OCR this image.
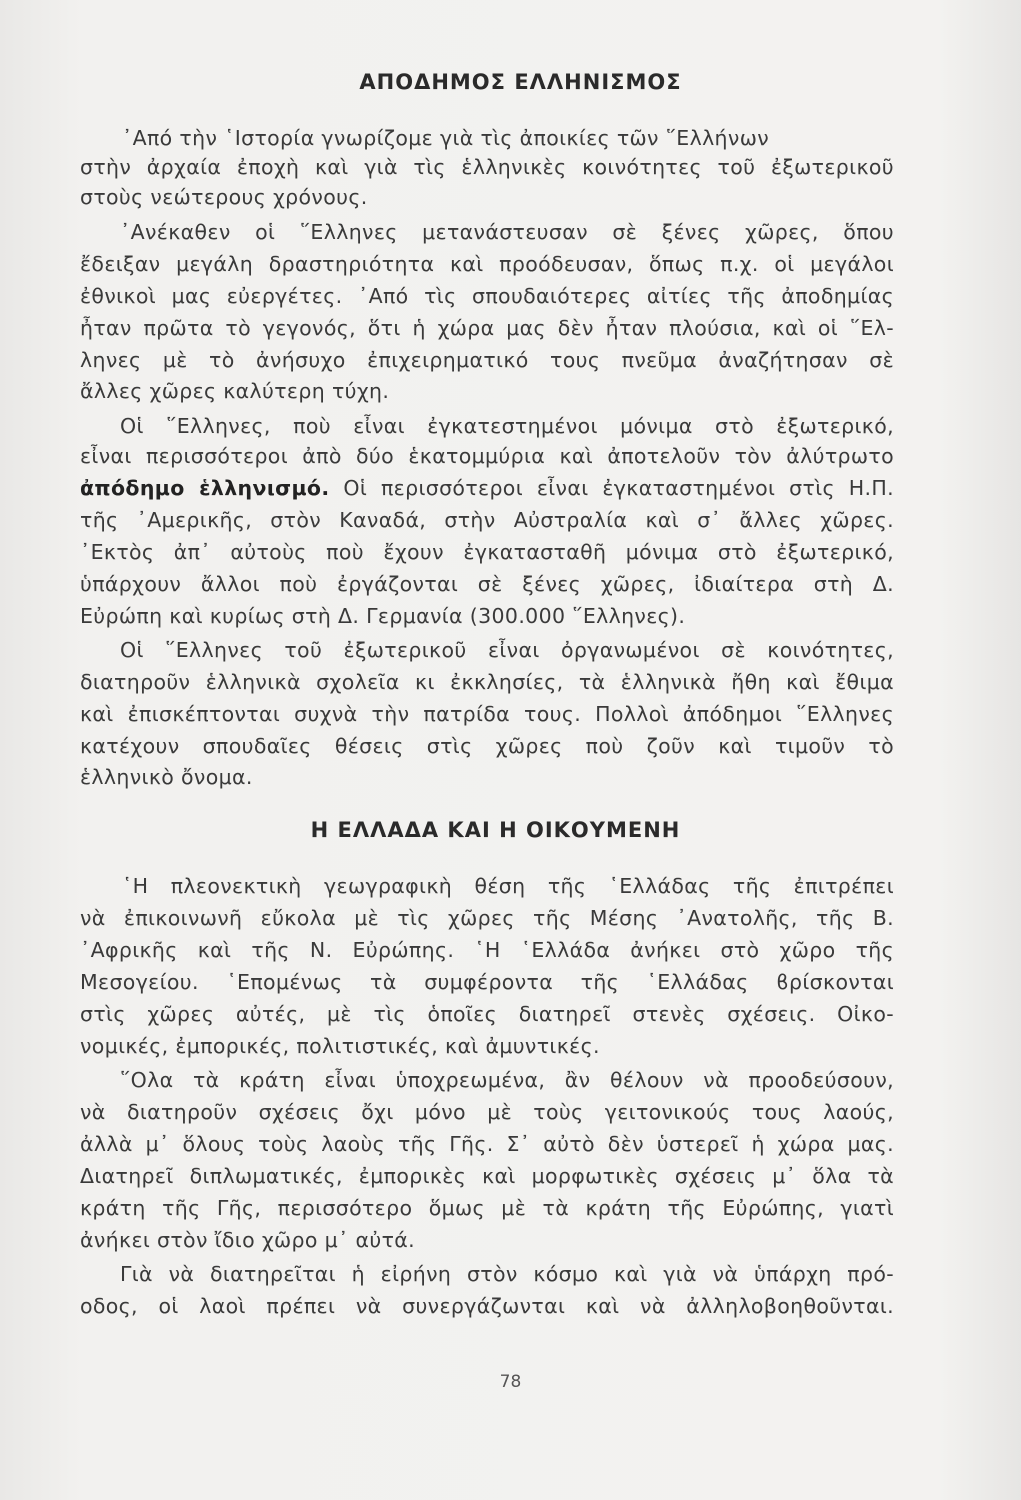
ΑΠΟΔΗΜΟΣ ΕΛΛΗΝΙΣΜΟΣ
᾿Από τὴν ῾Ιστορία γνωρίζομε γιὰ τὶς ἀποικίες τῶν ῞Ελλήνων
στὴν ἀρχαία ἐποχὴ καὶ γιὰ τὶς ἑλληνικὲς κοινότητες τοῦ ἐξωτερικοῦ
στοὺς νεώτερους χρόνους.
᾿Ανέκαθεν οἱ ῞Ελληνες μετανάστευσαν σὲ ξένες χῶρες, ὅπου
ἔδειξαν μεγάλη δραστηριότητα καὶ προόδευσαν, ὅπως π.χ. οἱ μεγάλοι
ἐθνικοὶ μας εὐεργέτες. ᾿Από τὶς σπουδαιότερες αἰτίες τῆς ἀποδημίας
ἦταν πρῶτα τὸ γεγονός, ὅτι ἡ χώρα μας δὲν ἦταν πλούσια, καὶ οἱ ῞Ελ-
ληνες μὲ τὸ ἀνήσυχο ἐπιχειρηματικό τους πνεῦμα ἀναζήτησαν σὲ
ἄλλες χῶρες καλύτερη τύχη.
Οἱ ῞Ελληνες, ποὺ εἶναι ἐγκατεστημένοι μόνιμα στὸ ἐξωτερικό,
εἶναι περισσότεροι ἀπὸ δύο ἑκατομμύρια καὶ ἀποτελοῦν τὸν ἀλύτρωτο
ἀπόδημο ἑλληνισμό. Οἱ περισσότεροι εἶναι ἐγκαταστημένοι στὶς Η.Π.
τῆς ᾿Αμερικῆς, στὸν Καναδά, στὴν Αὐστραλία καὶ σ᾿ ἄλλες χῶρες.
᾿Εκτὸς ἀπ᾿ αὐτοὺς ποὺ ἔχουν ἐγκατασταθῆ μόνιμα στὸ ἐξωτερικό,
ὑπάρχουν ἄλλοι ποὺ ἐργάζονται σὲ ξένες χῶρες, ἰδιαίτερα στὴ Δ.
Εὐρώπη καὶ κυρίως στὴ Δ. Γερμανία (300.000 ῞Ελληνες).
Οἱ ῞Ελληνες τοῦ ἐξωτερικοῦ εἶναι ὀργανωμένοι σὲ κοινότητες,
διατηροῦν ἑλληνικὰ σχολεῖα κι ἐκκλησίες, τὰ ἑλληνικὰ ἤθη καὶ ἔθιμα
καὶ ἐπισκέπτονται συχνὰ τὴν πατρίδα τους. Πολλοὶ ἀπόδημοι ῞Ελληνες
κατέχουν σπουδαῖες θέσεις στὶς χῶρες ποὺ ζοῦν καὶ τιμοῦν τὸ
ἑλληνικὸ ὄνομα.
Η ΕΛΛΑΔΑ ΚΑΙ Η ΟΙΚΟΥΜΕΝΗ
῾Η πλεονεκτικὴ γεωγραφικὴ θέση τῆς ῾Ελλάδας τῆς ἐπιτρέπει
νὰ ἐπικοινωνῆ εὔκολα μὲ τὶς χῶρες τῆς Μέσης ᾿Ανατολῆς, τῆς Β.
᾿Αφρικῆς καὶ τῆς Ν. Εὐρώπης. ῾Η ῾Ελλάδα ἀνήκει στὸ χῶρο τῆς
Μεσογείου. ῾Επομένως τὰ συμφέροντα τῆς ῾Ελλάδας ϐρίσκονται
στὶς χῶρες αὐτές, μὲ τὶς ὁποῖες διατηρεῖ στενὲς σχέσεις. Οἰκο-
νομικές, ἐμπορικές, πολιτιστικές, καὶ ἀμυντικές.
῞Ολα τὰ κράτη εἶναι ὑποχρεωμένα, ἂν θέλουν νὰ προοδεύσουν,
νὰ διατηροῦν σχέσεις ὄχι μόνο μὲ τοὺς γειτονικούς τους λαούς,
ἀλλὰ μ᾿ ὅλους τοὺς λαοὺς τῆς Γῆς. Σ᾿ αὐτὸ δὲν ὑστερεῖ ἡ χώρα μας.
Διατηρεῖ διπλωματικές, ἐμπορικὲς καὶ μορφωτικὲς σχέσεις μ᾿ ὅλα τὰ
κράτη τῆς Γῆς, περισσότερο ὅμως μὲ τὰ κράτη τῆς Εὐρώπης, γιατὶ
ἀνήκει στὸν ἴδιο χῶρο μ᾿ αὐτά.
Γιὰ νὰ διατηρεῖται ἡ εἰρήνη στὸν κόσμο καὶ γιὰ νὰ ὑπάρχη πρό-
οδος, οἱ λαοὶ πρέπει νὰ συνεργάζωνται καὶ νὰ ἀλληλοβοηθοῦνται.
78
